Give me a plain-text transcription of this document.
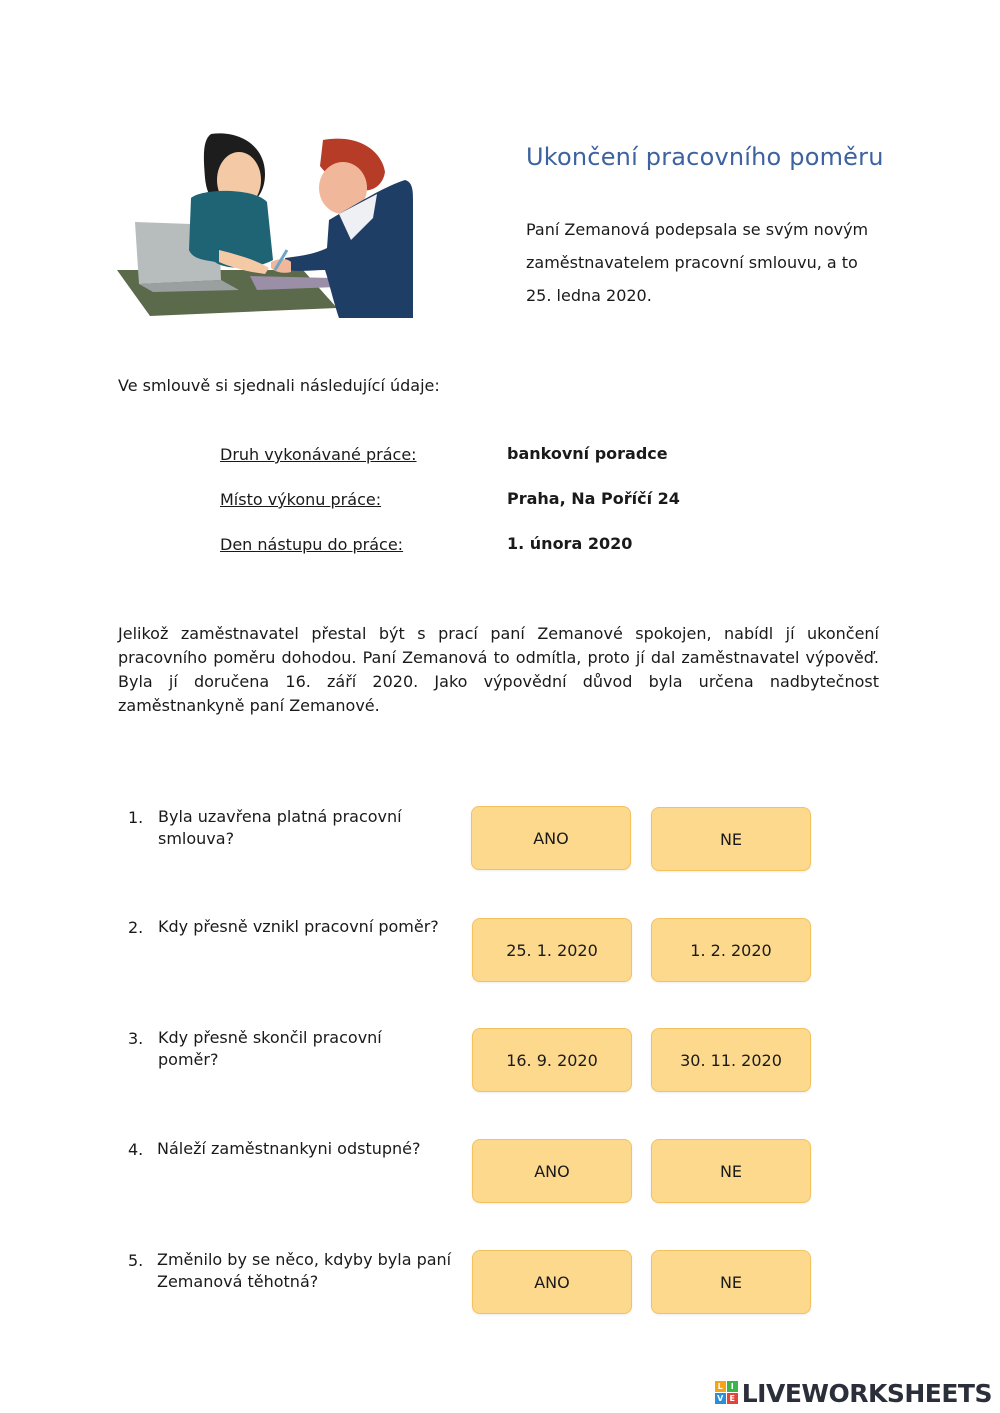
Ukončení pracovního poměru
Paní Zemanová podepsala se svým novým
zaměstnavatelem pracovní smlouvu, a to
25. ledna 2020.
Ve smlouvě si sjednali následující údaje:
Druh vykonávané práce:	bankovní poradce
Místo výkonu práce:	Praha, Na Poříčí 24
Den nástupu do práce:	1. února 2020
Jelikož zaměstnavatel přestal být s prací paní Zemanové spokojen, nabídl jí ukončení pracovního poměru dohodou. Paní Zemanová to odmítla, proto jí dal zaměstnavatel výpověď. Byla jí doručena 16. září 2020. Jako výpovědní důvod byla určena nadbytečnost zaměstnankyně paní Zemanové.
1. Byla uzavřena platná pracovní
smlouva?	ANO	NE
2. Kdy přesně vznikl pracovní poměr?
25. 1. 2020	1. 2. 2020
3. Kdy přesně skončil pracovní
poměr?	16. 9. 2020	30. 11. 2020
4. Náleží zaměstnankyni odstupné?
ANO	NE
5. Změnilo by se něco, kdyby byla paní
Zemanová těhotná?	ANO	NE
L I
V E LIVEWORKSHEETS
